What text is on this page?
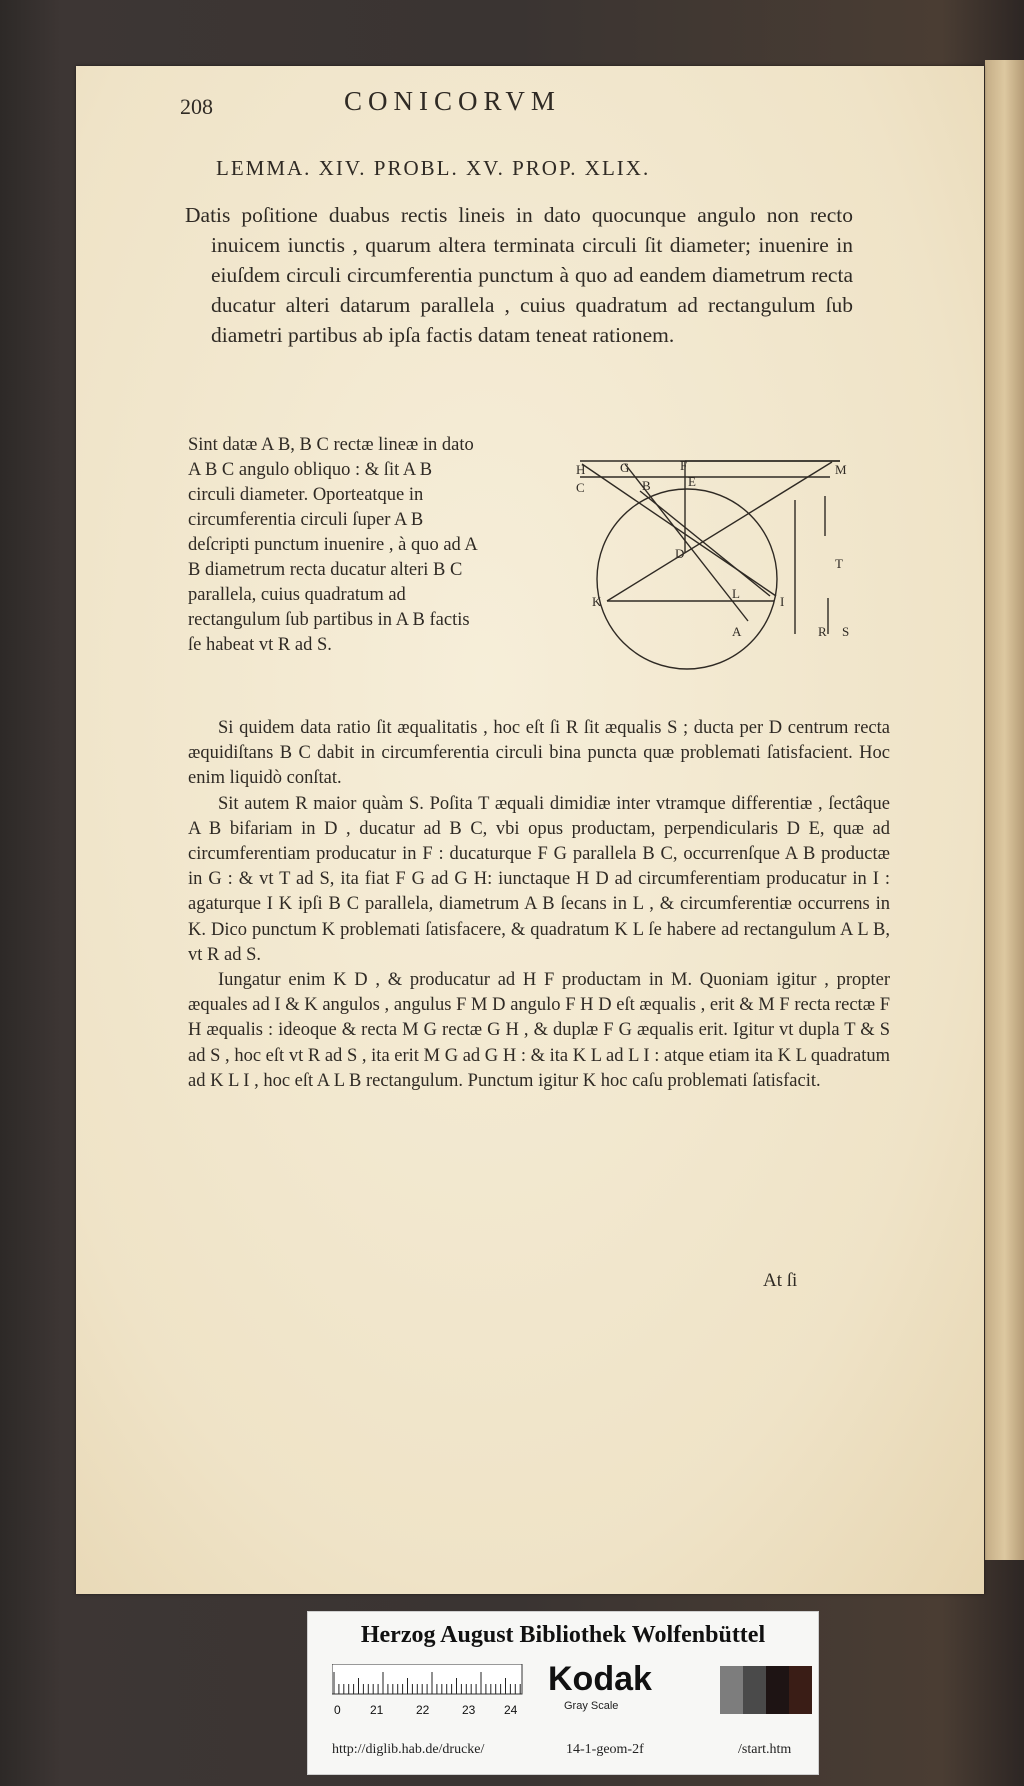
208	CONICORVM
LEMMA. XIV. PROBL. XV. PROP. XLIX.
Datis poſitione duabus rectis lineis in dato quocunque angulo non recto inuicem iunctis , quarum altera terminata circuli ſit diameter; inuenire in eiuſdem circuli circumferentia punctum à quo ad eandem diametrum recta ducatur alteri datarum parallela , cuius quadratum ad rectangulum ſub diametri partibus ab ipſa factis datam teneat rationem.
Sint datæ A B, B C rectæ lineæ in dato A B C angulo obliquo : & ſit A B circuli diameter. Oporteatque in circumferentia circuli ſuper A B deſcripti punctum inuenire , à quo ad A B diametrum recta ducatur alteri B C parallela, cuius quadratum ad rectangulum ſub partibus in A B factis ſe habeat vt R ad S.
H	G	F
E
M
C	B
D
T
K
L
I
A	R S

Si quidem data ratio ſit æqualitatis , hoc eſt ſi R ſit æqualis S ; ducta per D centrum recta æquidiſtans B C dabit in circumferentia circuli bina puncta quæ problemati ſatisfacient. Hoc enim liquidò conſtat.

Sit autem R maior quàm S. Poſita T æquali dimidiæ inter vtramque differentiæ , ſectâque A B bifariam in D , ducatur ad B C, vbi opus productam, perpendicularis D E, quæ ad circumferentiam producatur in F : ducaturque F G parallela B C, occurrenſque A B productæ in G : & vt T ad S, ita fiat F G ad G H: iunctaque H D ad circumferentiam producatur in I : agaturque I K ipſi B C parallela, diametrum A B ſecans in L , & circumferentiæ occurrens in K. Dico punctum K problemati ſatisfacere, & quadratum K L ſe habere ad rectangulum A L B, vt R ad S.

Iungatur enim K D , & producatur ad H F productam in M. Quoniam igitur , propter æquales ad I & K angulos , angulus F M D angulo F H D eſt æqualis , erit & M F recta rectæ F H æqualis : ideoque & recta M G rectæ G H , & duplæ F G æqualis erit. Igitur vt dupla T & S ad S , hoc eſt vt R ad S , ita erit M G ad G H : & ita K L ad L I : atque etiam ita K L quadratum ad K L I , hoc eſt A L B rectangulum. Punctum igitur K hoc caſu problemati ſatisfacit.

At ſi
Herzog August Bibliothek Wolfenbüttel
0 21	22	23 24
Kodak
Gray Scale
http://diglib.hab.de/drucke/	14-1-geom-2f	/start.htm
